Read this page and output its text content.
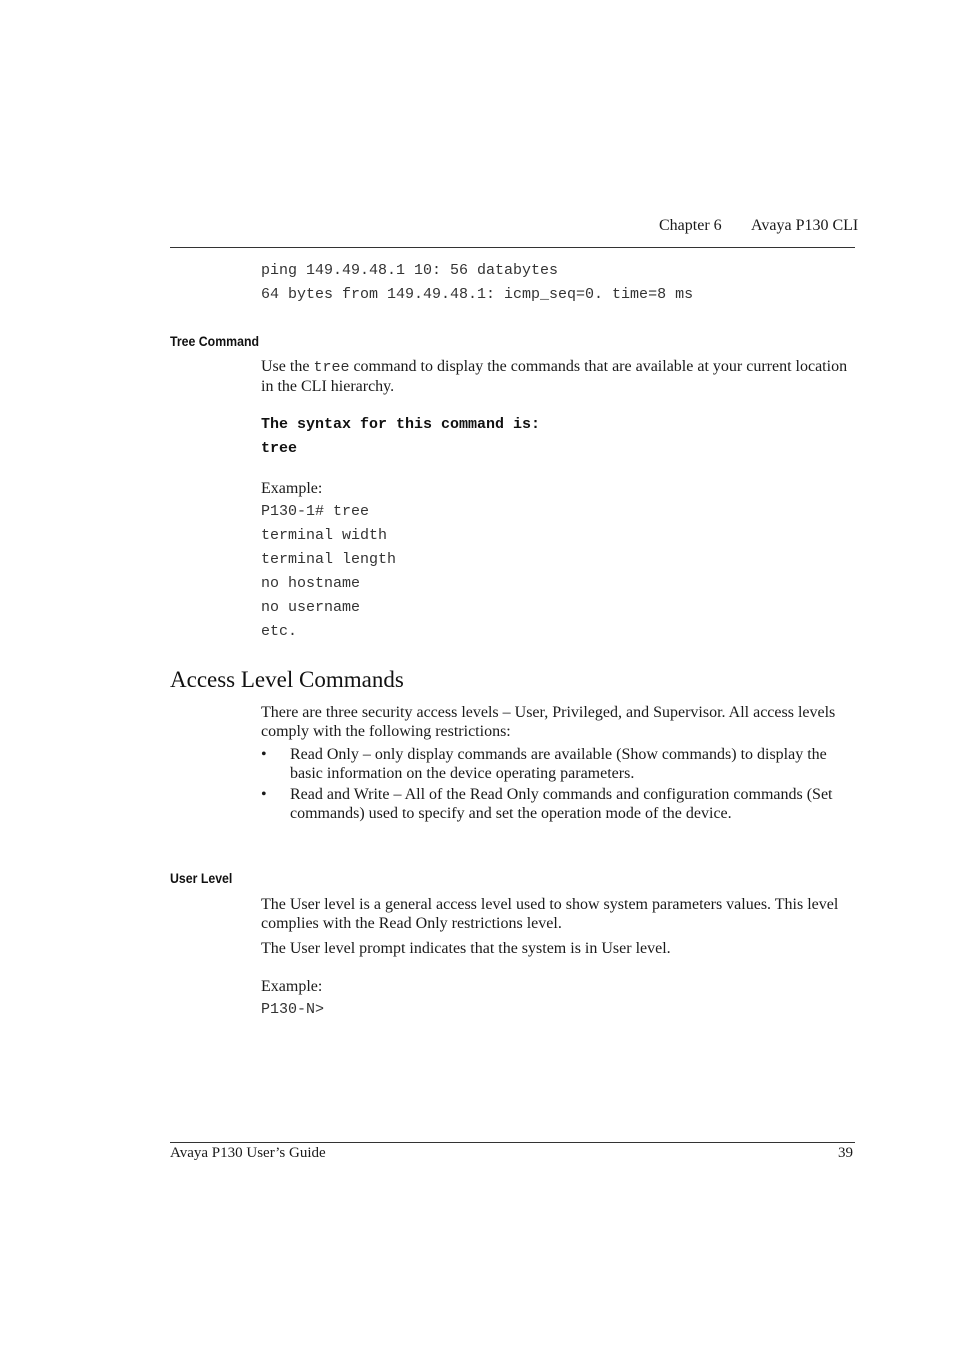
Chapter 6 Avaya P130 CLI
ping 149.49.48.1 10: 56 databytes
64 bytes from 149.49.48.1: icmp_seq=0. time=8 ms
Tree Command
Use the tree command to display the commands that are available at your current location in the CLI hierarchy.
The syntax for this command is:
tree
Example:
P130-1# tree
terminal width
terminal length
no hostname
no username
etc.
Access Level Commands
There are three security access levels – User, Privileged, and Supervisor. All access levels comply with the following restrictions:
• Read Only – only display commands are available (Show commands) to display the basic information on the device operating parameters.
• Read and Write – All of the Read Only commands and configuration commands (Set commands) used to specify and set the operation mode of the device.
User Level
The User level is a general access level used to show system parameters values. This level complies with the Read Only restrictions level.
The User level prompt indicates that the system is in User level.
Example:
P130-N>
Avaya P130 User’s Guide	39
